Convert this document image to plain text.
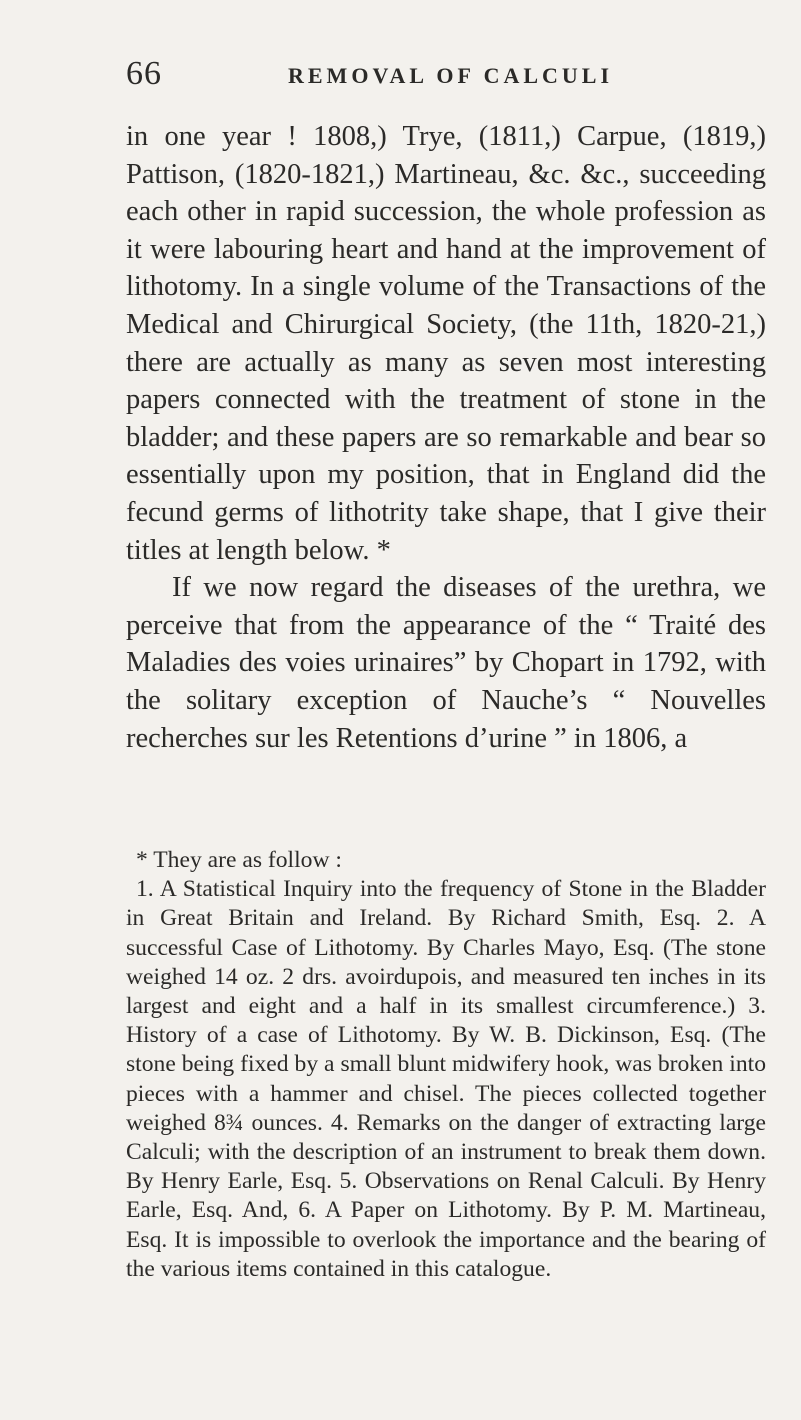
66	REMOVAL OF CALCULI

in one year ! 1808,) Trye, (1811,) Carpue, (1819,) Pattison, (1820-1821,) Martineau, &c. &c., succeeding each other in rapid succession, the whole profession as it were labouring heart and hand at the improvement of lithotomy. In a single volume of the Transactions of the Medical and Chirurgical Society, (the 11th, 1820-21,) there are actually as many as seven most interesting papers connected with the treatment of stone in the bladder; and these papers are so remarkable and bear so essentially upon my position, that in England did the fecund germs of lithotrity take shape, that I give their titles at length below. *

If we now regard the diseases of the urethra, we perceive that from the appearance of the “ Traité des Maladies des voies urinaires” by Chopart in 1792, with the solitary exception of Nauche’s “ Nouvelles recherches sur les Retentions d’urine ” in 1806, a

* They are as follow :

1. A Statistical Inquiry into the frequency of Stone in the Bladder in Great Britain and Ireland. By Richard Smith, Esq. 2. A successful Case of Lithotomy. By Charles Mayo, Esq. (The stone weighed 14 oz. 2 drs. avoirdupois, and measured ten inches in its largest and eight and a half in its smallest circumference.) 3. History of a case of Lithotomy. By W. B. Dickinson, Esq. (The stone being fixed by a small blunt midwifery hook, was broken into pieces with a hammer and chisel. The pieces collected together weighed 8¾ ounces. 4. Remarks on the danger of extracting large Calculi; with the description of an instrument to break them down. By Henry Earle, Esq. 5. Observations on Renal Calculi. By Henry Earle, Esq. And, 6. A Paper on Lithotomy. By P. M. Martineau, Esq. It is impossible to overlook the importance and the bearing of the various items contained in this catalogue.
